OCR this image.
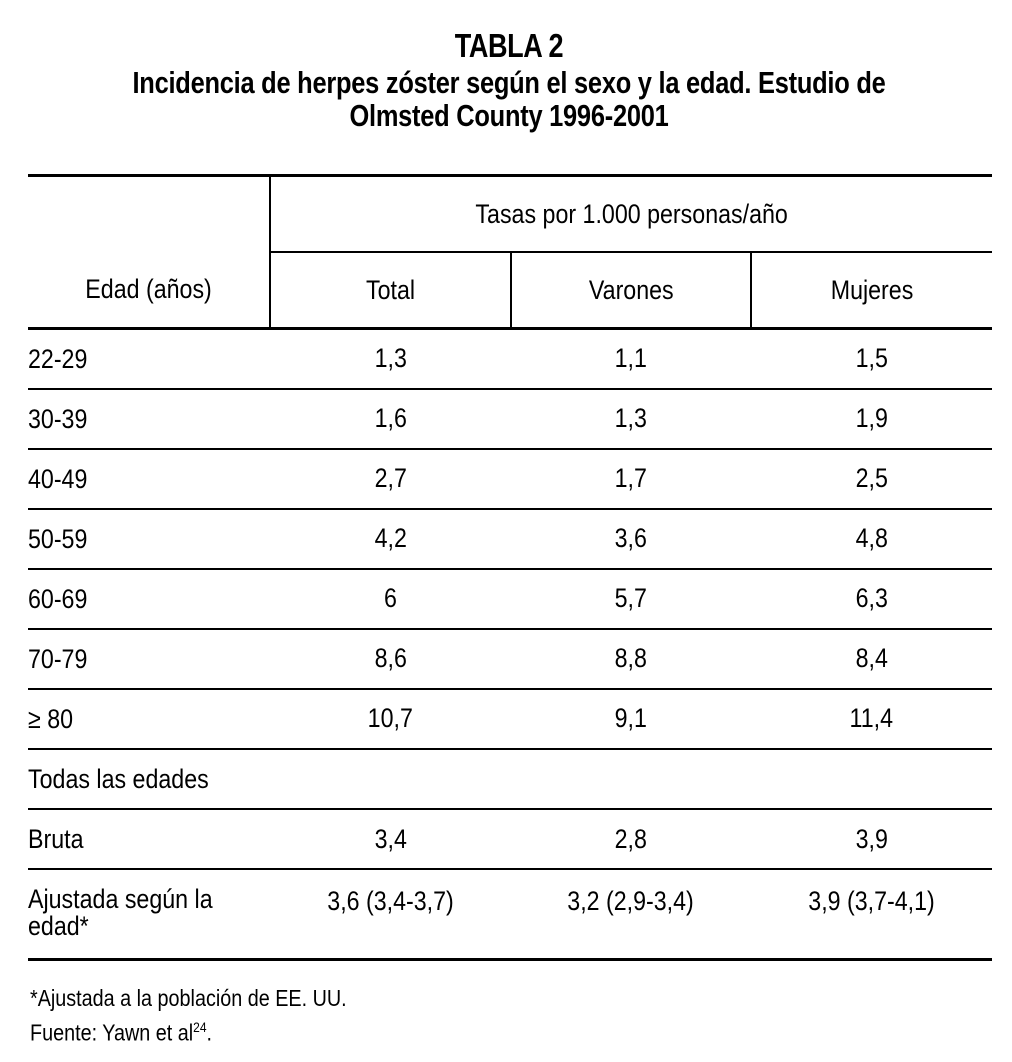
TABLA 2
Incidencia de herpes zóster según el sexo y la edad. Estudio de
Olmsted County 1996-2001
	Tasas por 1.000 personas/año		
Edad (años)	Total	Varones	Mujeres
22-29	1,3	1,1	1,5
30-39	1,6	1,3	1,9
40-49	2,7	1,7	2,5
50-59	4,2	3,6	4,8
60-69	6	5,7	6,3
70-79	8,6	8,8	8,4
≥ 80	10,7	9,1	11,4
Todas las edades			
Bruta	3,4	2,8	3,9
Ajustada según la edad*	3,6 (3,4-3,7)	3,2 (2,9-3,4)	3,9 (3,7-4,1)
*Ajustada a la población de EE. UU.
Fuente: Yawn et $al^{24}$.
